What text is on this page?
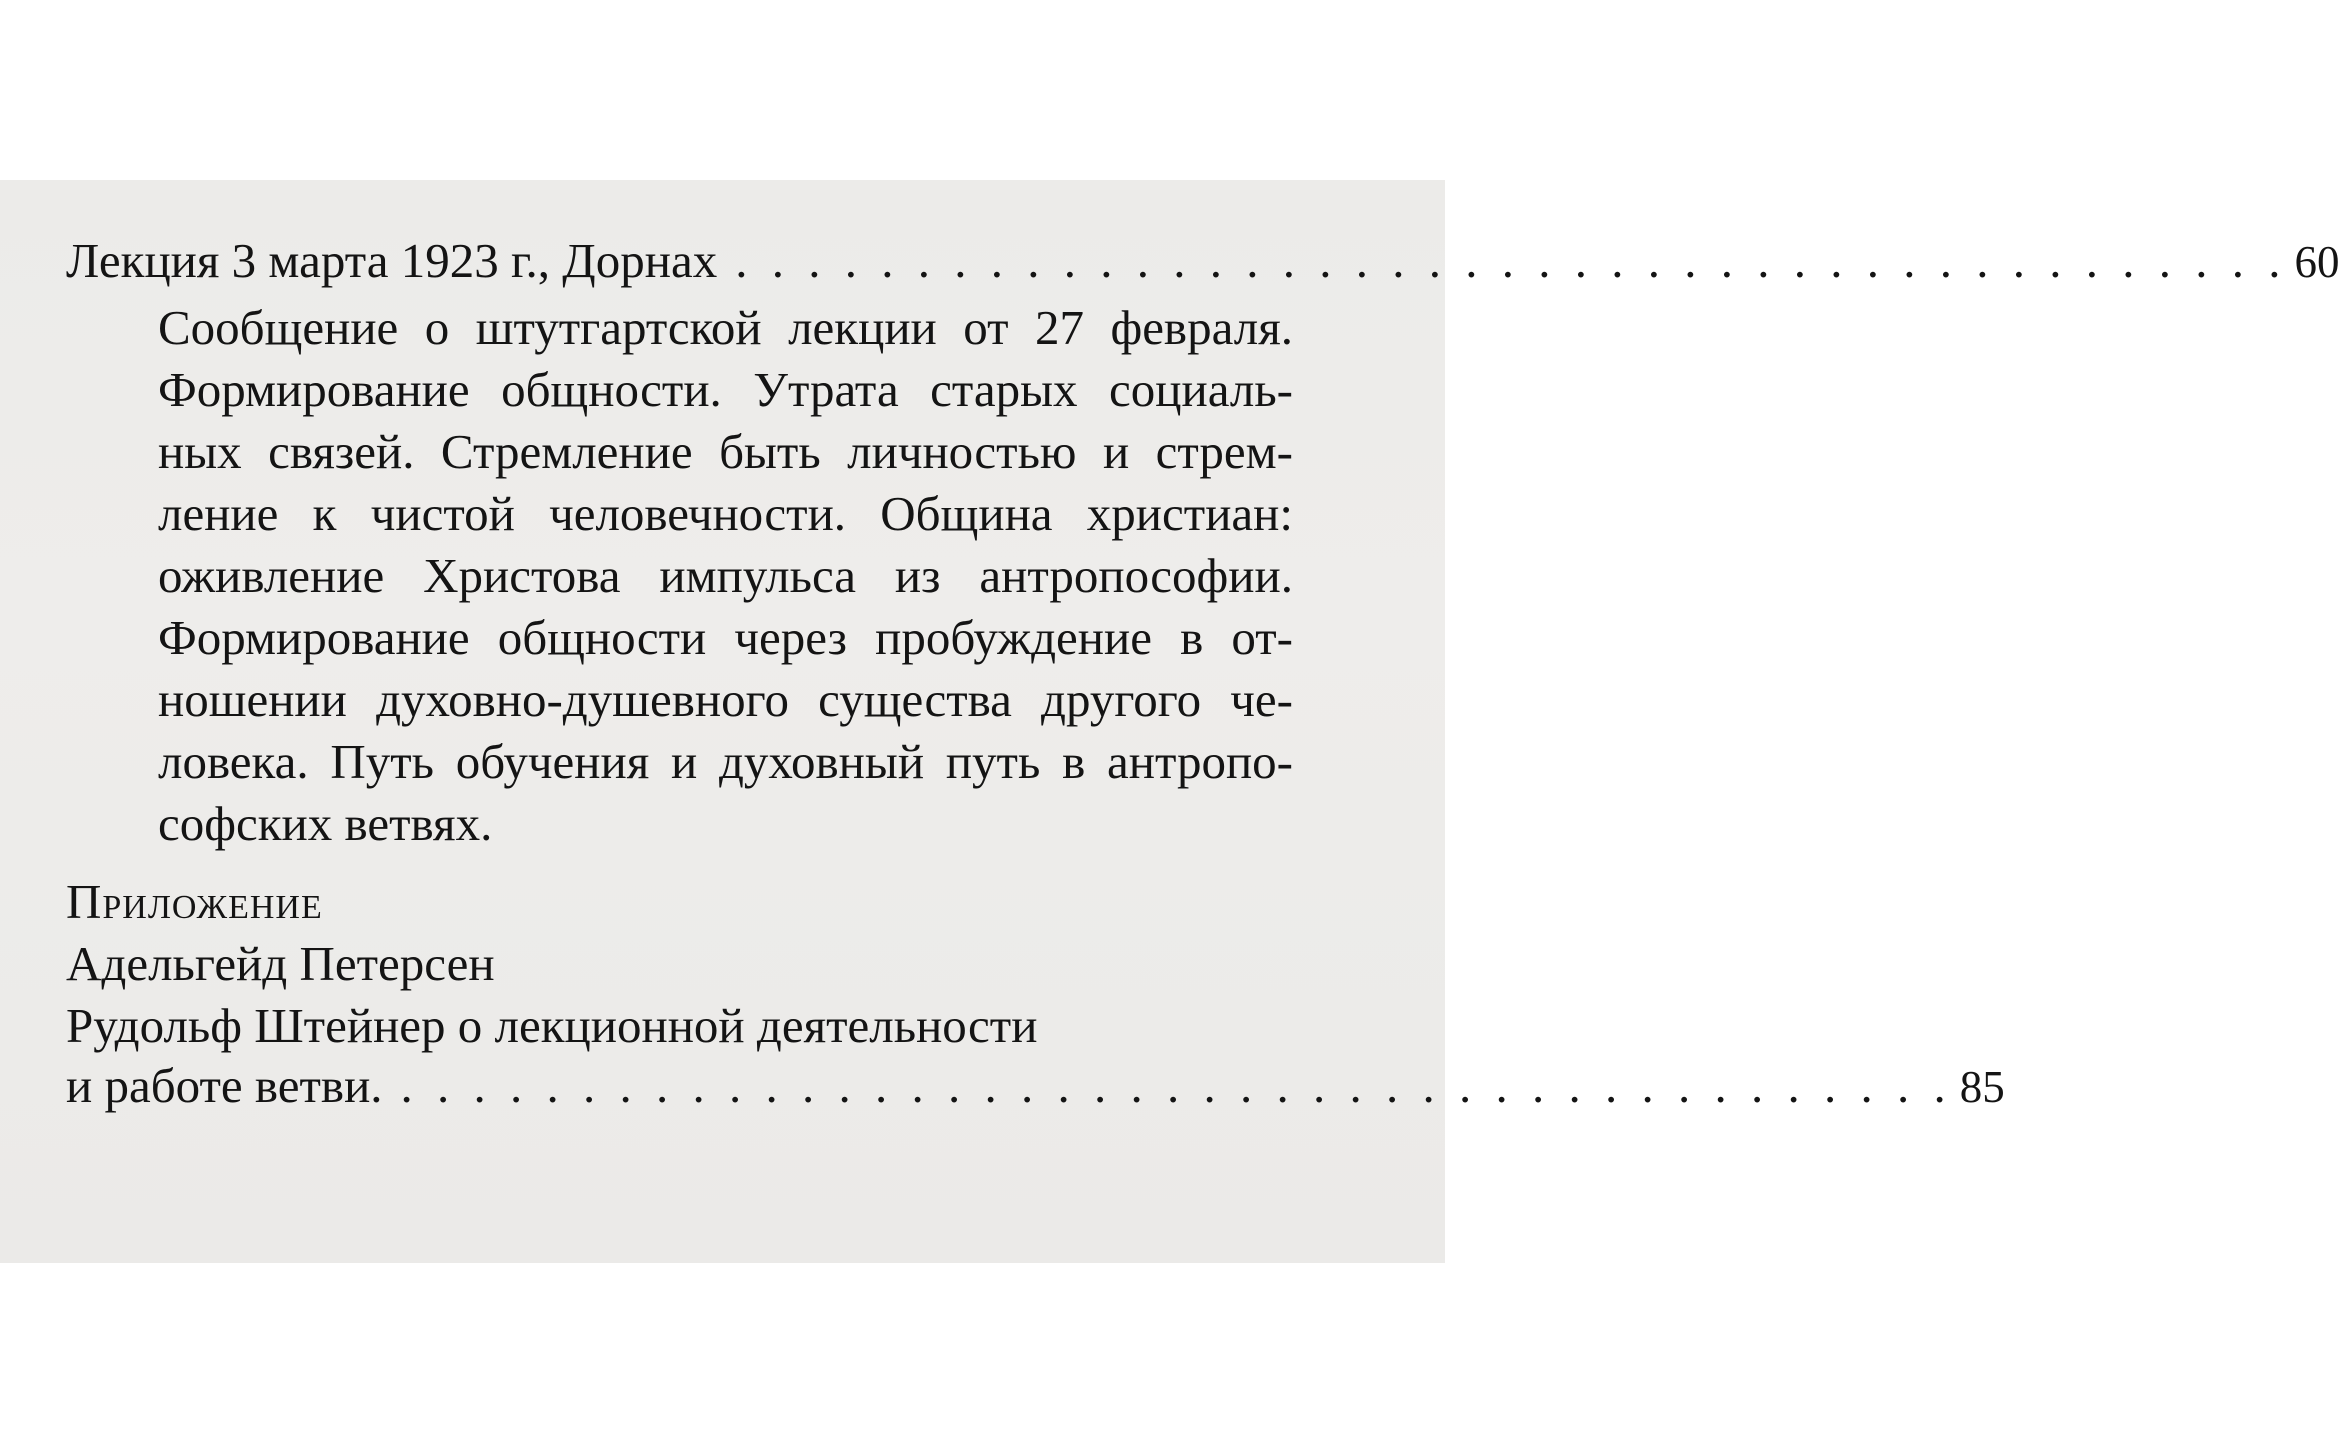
Лекция 3 марта 1923 г., Дорнах . . . . . . . . . . . . . . . . . . . . . . . . . . . . . . . . . . . . . . . . . . . 60
Сообщение о штутгартской лекции от 27 февраля.
Формирование общности. Утрата старых социаль-
ных связей. Стремление быть личностью и стрем-
ление к чистой человечности. Община христиан:
оживление Христова импульса из антропософии.
Формирование общности через пробуждение в от-
ношении духовно-душевного существа другого че-
ловека. Путь обучения и духовный путь в антропо-
софских ветвях.
Приложение
Адельгейд Петерсен
Рудольф Штейнер о лекционной деятельности
и работе ветви. . . . . . . . . . . . . . . . . . . . . . . . . . . . . . . . . . . . . . . . . . . . 85
